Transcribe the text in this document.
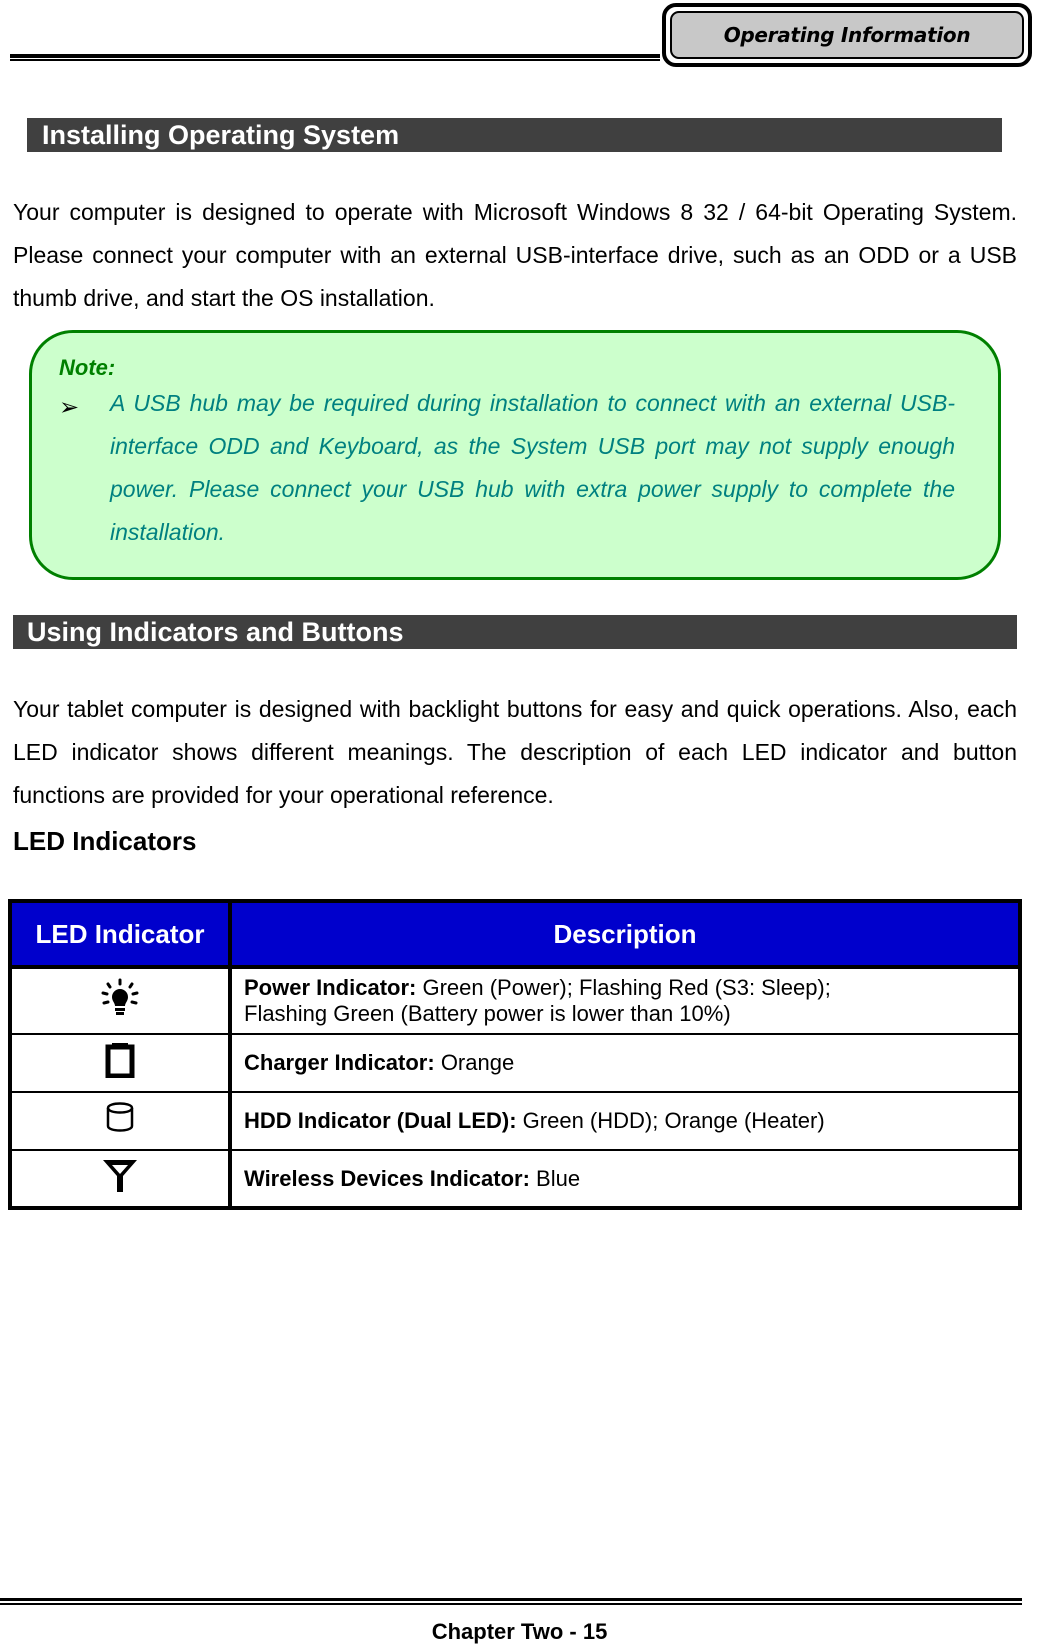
Operating Information
Installing Operating System

Your computer is designed to operate with Microsoft Windows 8 32 / 64-bit Operating System. Please connect your computer with an external USB-interface drive, such as an ODD or a USB thumb drive, and start the OS installation.

Note:
➢ A USB hub may be required during installation to connect with an external USB-interface ODD and Keyboard, as the System USB port may not supply enough power. Please connect your USB hub with extra power supply to complete the installation.

Using Indicators and Buttons

Your tablet computer is designed with backlight buttons for easy and quick operations. Also, each LED indicator shows different meanings. The description of each LED indicator and button functions are provided for your operational reference.

LED Indicators
LED Indicator	Description
	Power Indicator: Green (Power); Flashing Red (S3: Sleep);
Flashing Green (Battery power is lower than 10%)
	Charger Indicator: Orange
	HDD Indicator (Dual LED): Green (HDD); Orange (Heater)
	Wireless Devices Indicator: Blue
Chapter Two - 15
